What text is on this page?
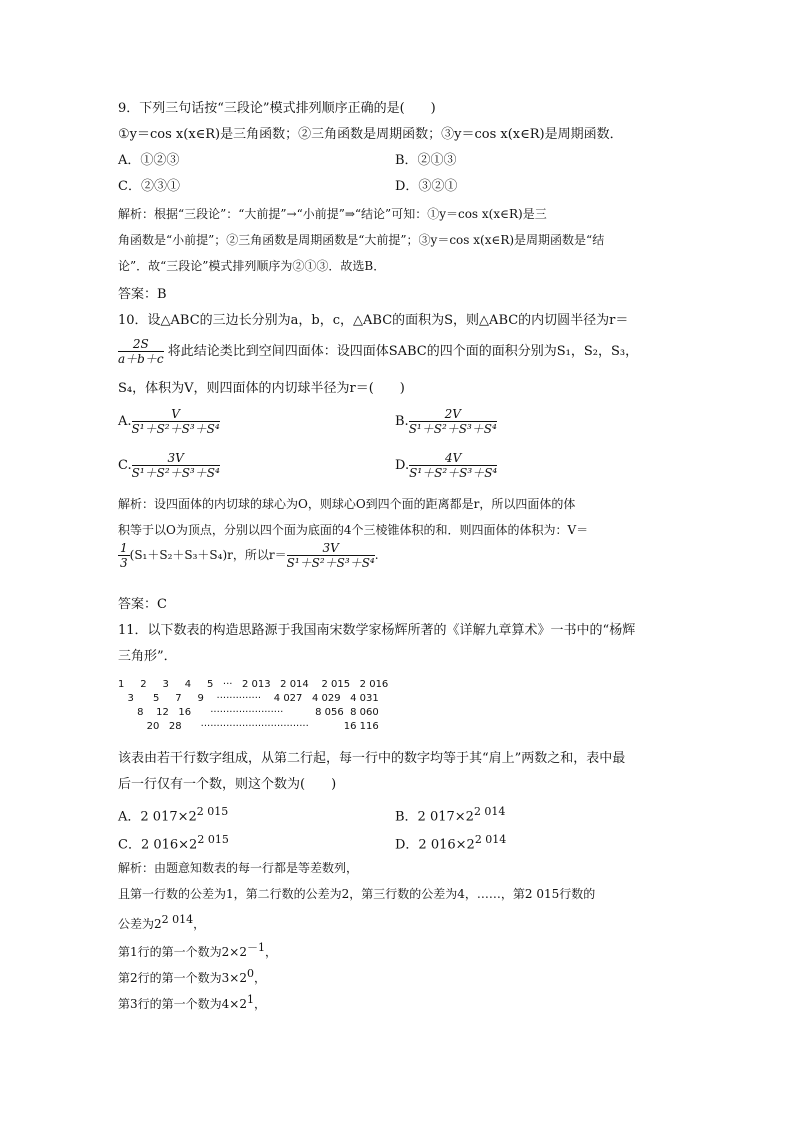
9．下列三句话按“三段论”模式排列顺序正确的是(　　)
①y＝cos x(x∈R)是三角函数；②三角函数是周期函数；③y＝cos x(x∈R)是周期函数．
A．①②③	B．②①③
C．②③①	D．③②①
解析：根据“三段论”：“大前提”→“小前提”⇒“结论”可知：①y＝cos x(x∈R)是三
角函数是“小前提”；②三角函数是周期函数是“大前提”；③y＝cos x(x∈R)是周期函数是“结
论”．故“三段论”模式排列顺序为②①③．故选B．
答案：B
10．设△ABC的三边长分别为a，b，c，△ABC的面积为S，则△ABC的内切圆半径为r＝
$\frac{2S}{a+b+c}$ 将此结论类比到空间四面体：设四面体SABC的四个面的面积分别为S₁，S₂，S₃，
S₄，体积为V，则四面体的内切球半径为r＝(　　)
A. $\frac{V}{\text{S¹＋S²＋S³＋S⁴}}$	B. $\frac{2V}{\text{S¹＋S²＋S³＋S⁴}}$
C. $\frac{3V}{\text{S¹＋S²＋S³＋S⁴}}$	D. $\frac{4V}{\text{S¹＋S²＋S³＋S⁴}}$
解析：设四面体的内切球的球心为O，则球心O到四个面的距离都是r，所以四面体的体
积等于以O为顶点，分别以四个面为底面的4个三棱锥体积的和．则四面体的体积为：V＝
$\frac{1}{3} (S_1+S_2+S_3+S_4)r$，所以$r= \frac{3V}{\text{S¹＋S²＋S³＋S⁴}}$ .
答案：C
11．以下数表的构造思路源于我国南宋数学家杨辉所著的《详解九章算术》一书中的“杨辉
三角形”．
1     2     3     4     5   ···   2 013   2 014    2 015   2 016
3      5     7     9    ··············    4 027   4 029   4 031
8    12   16      ·······················          8 056  8 060
20   28      ··································           16 116
该表由若干行数字组成，从第二行起，每一行中的数字均等于其“肩上”两数之和，表中最
后一行仅有一个数，则这个数为(　　)
A．2 $017\times 2^{2 015}$	B．2 $017\times 2^{2 014}$
C．2 $016\times 2^{2 015}$	D．2 $016\times 2^{2 014}$
解析：由题意知数表的每一行都是等差数列，
且第一行数的公差为1，第二行数的公差为2，第三行数的公差为4，……，第2 015行数的
公差为$2^{2 014}$，
第1行的第一个数为$2\times 2^{-1}$，
第2行的第一个数为$3\times 2^0$，
第3行的第一个数为$4\times 2^1$，
